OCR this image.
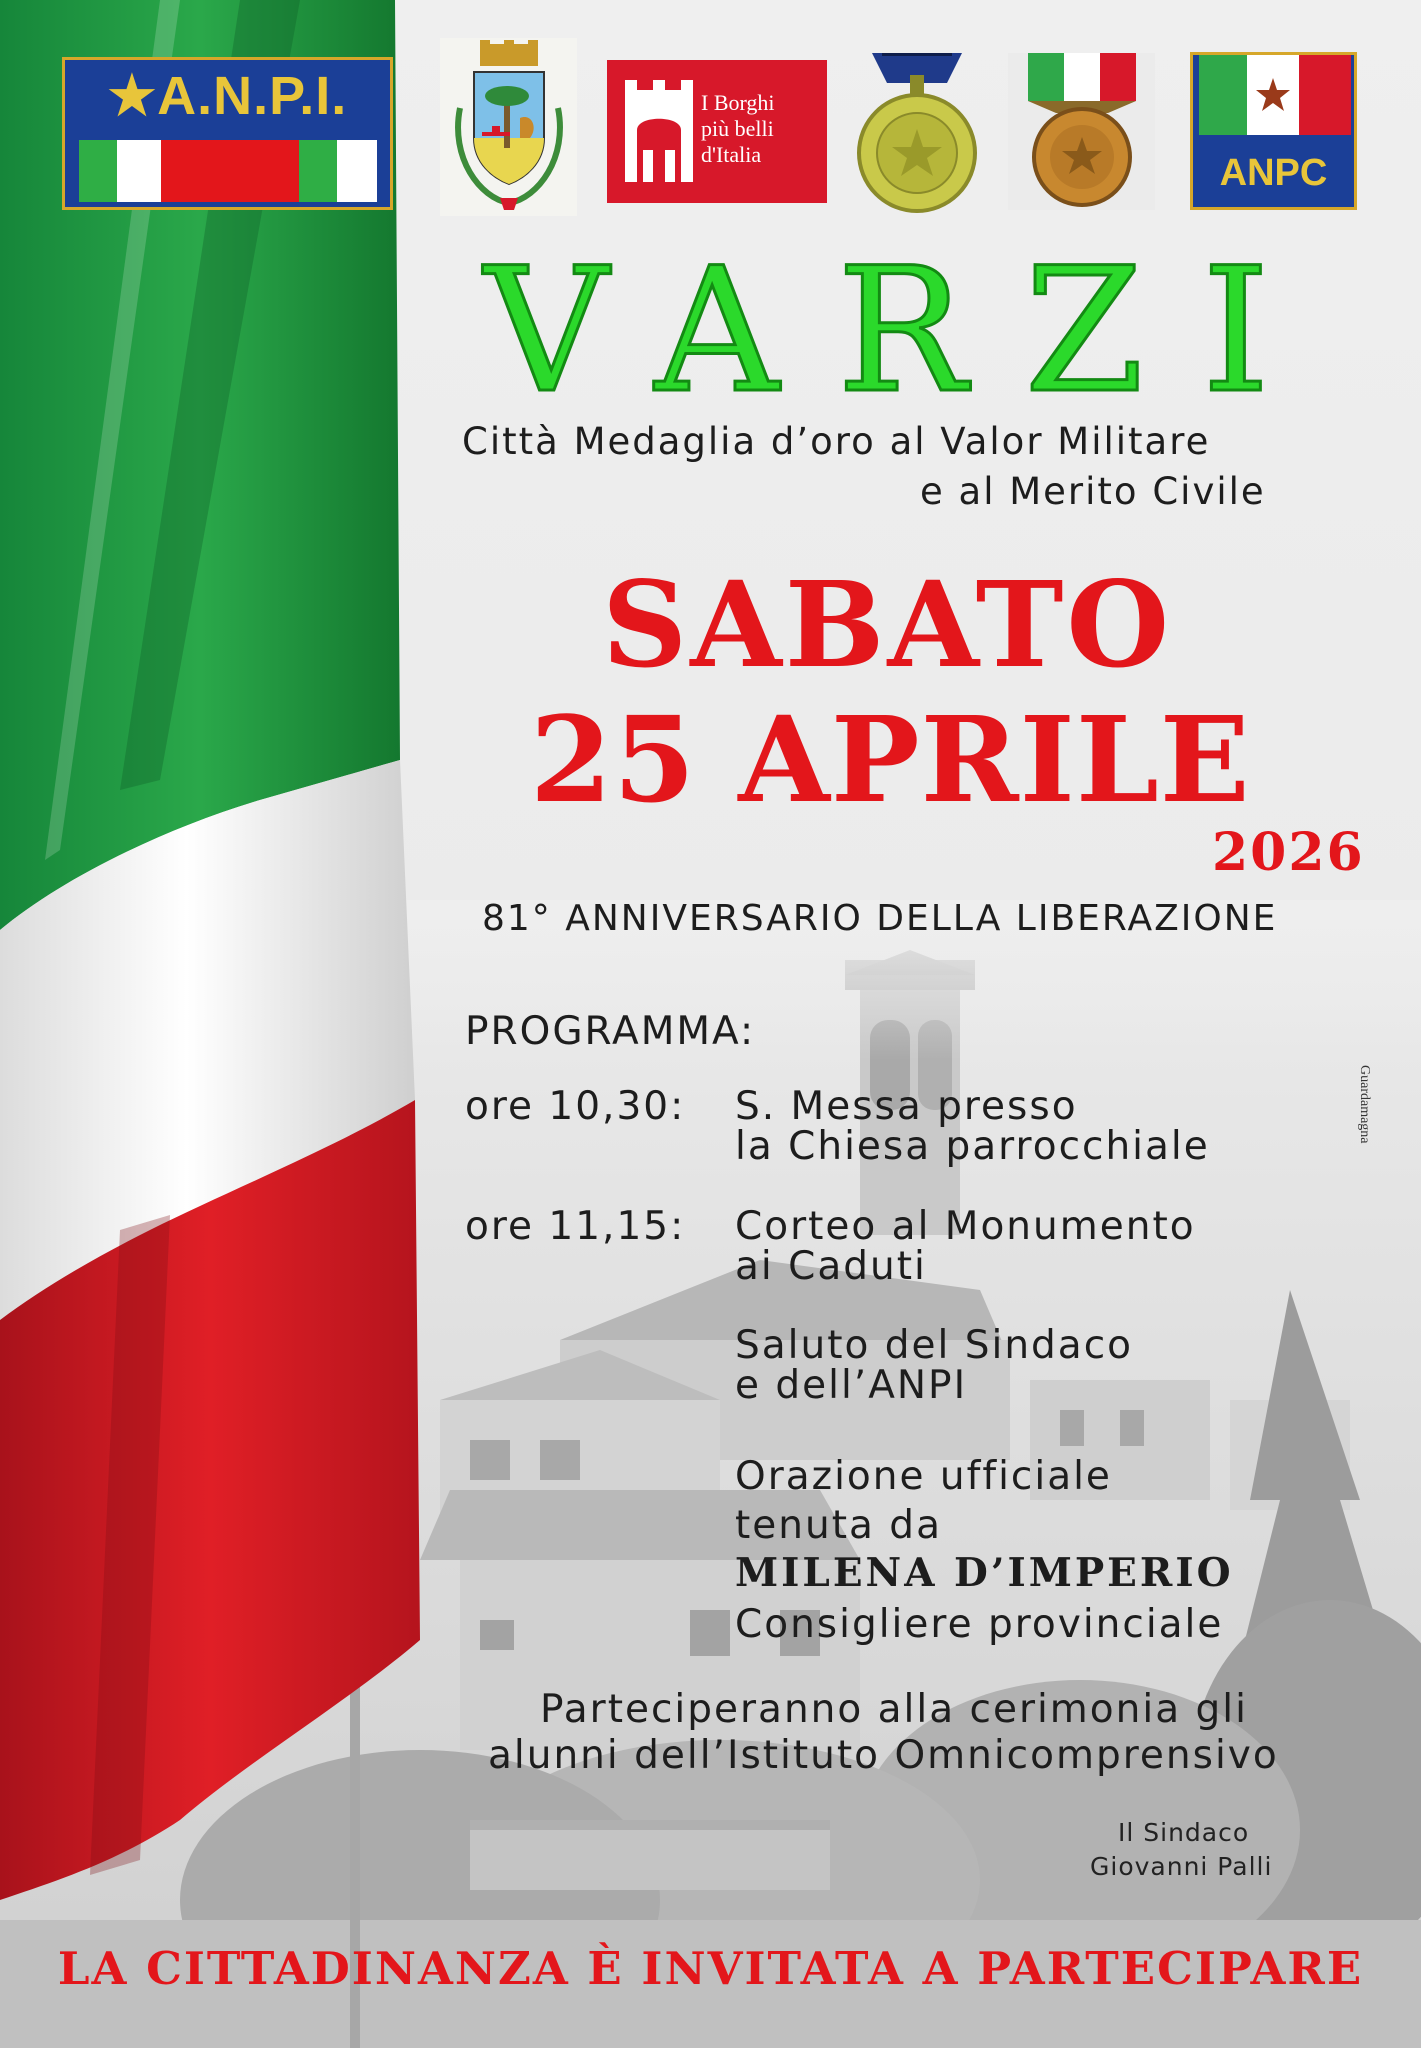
★A.N.P.I.	I Borghi
più belli
d'Italia	ANPC
VARZI
Città Medaglia d’oro al Valor Militare
e al Merito Civile
SABATO
25 APRILE
2026
81° ANNIVERSARIO DELLA LIBERAZIONE
PROGRAMMA:
ore 10,30: S. Messa presso
la Chiesa parrocchiale
ore 11,15: Corteo al Monumento
ai Caduti
Saluto del Sindaco
e dell’ANPI
Orazione ufficiale
tenuta da
MILENA D’IMPERIO
Consigliere provinciale
Parteciperanno alla cerimonia gli
alunni dell’Istituto Omnicomprensivo
Il Sindaco
Giovanni Palli
Guardamagna
LA CITTADINANZA È INVITATA A PARTECIPARE
